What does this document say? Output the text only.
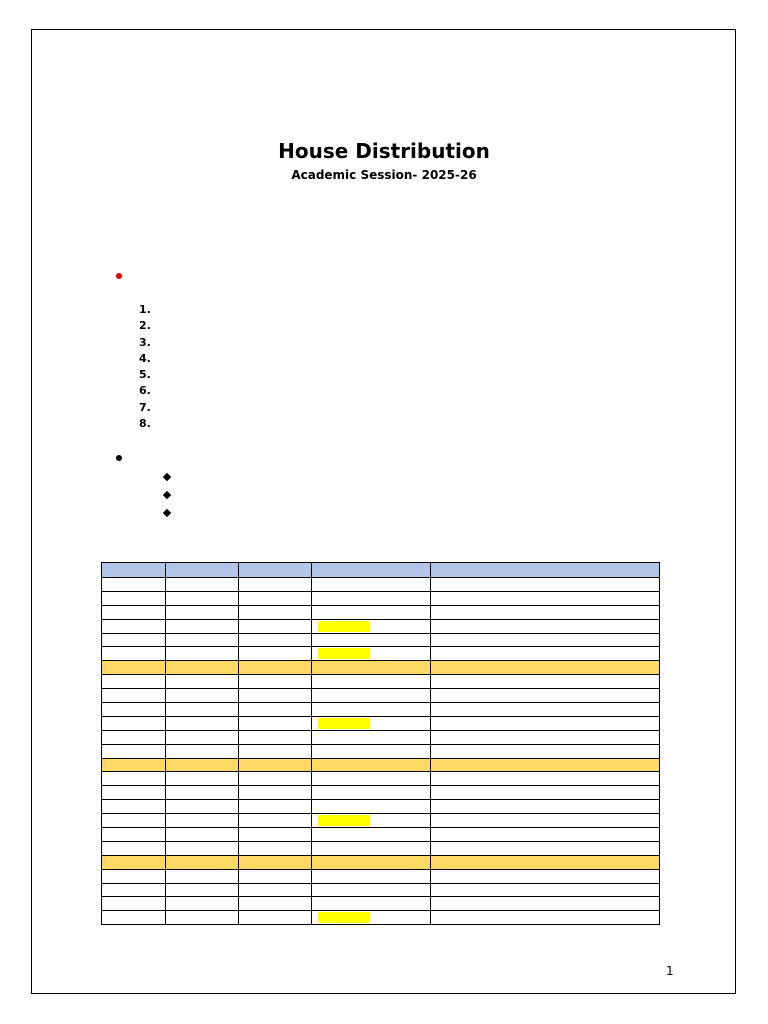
House Distribution
Academic Session- 2025-26
1.
2.
3.
4.
5.
6.
7.
8.

1
